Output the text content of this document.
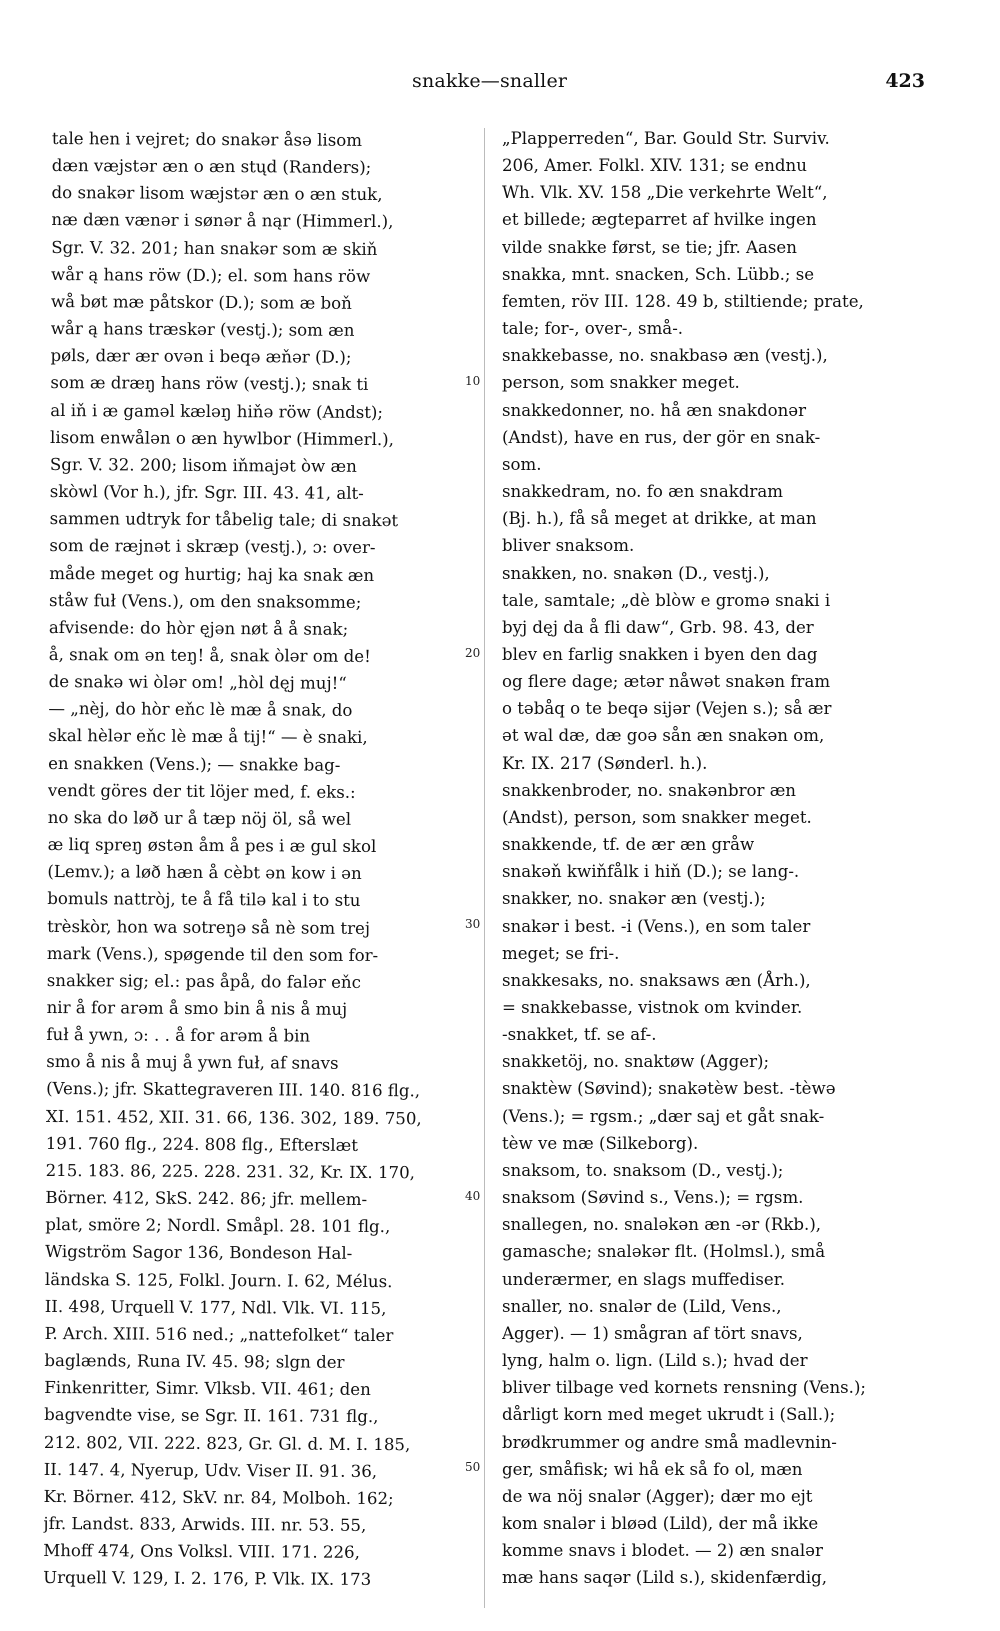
snakke—snaller	423
tale hen i vejret; do snakər åsə lisom
dæn væjstər æn o æn stųd (Randers);
do snakər lisom wæjstər æn o æn stuk,
næ dæn vænər i sønər å nąr (Himmerl.),
Sgr. V. 32. 201; han snakər som æ skiň
wår ą hans röw (D.); el. som hans röw
wå bøt mæ påtskor (D.); som æ boň
wår ą hans træskər (vestj.); som æn
pøls, dær ær ovən i beqə æňər (D.);
som æ dræŋ hans röw (vestj.); snak ti
al iň i æ gaməl kæləŋ hiňə röw (Andst);
lisom enwålən o æn hywlbor (Himmerl.),
Sgr. V. 32. 200; lisom iňmajət òw æn
skòwl (Vor h.), jfr. Sgr. III. 43. 41, alt-
sammen udtryk for tåbelig tale; di snakət
som de ræjnət i skræp (vestj.), ɔ: over-
måde meget og hurtig; haj ka snak æn
ståw fuł (Vens.), om den snaksomme;
afvisende: do hòr ęjən nøt å å snak;
å, snak om ən teŋ! å, snak òlər om de!
de snakə wi òlər om! „hòl dęj muj!“
— „nèj, do hòr eňc lè mæ å snak, do
skal hèlər eňc lè mæ å tij!“ — è snaki,
en snakken (Vens.); — snakke bag-
vendt göres der tit löjer med, f. eks.:
no ska do løð ur å tæp nöj öl, så wel
æ liq spreŋ østən åm å pes i æ gul skol
(Lemv.); a løð hæn å cèbt ən kow i ən
bomuls nattròj, te å få tilə kal i to stu
trèskòr, hon wa sotreŋə så nè som trej
mark (Vens.), spøgende til den som for-
snakker sig; el.: pas åpå, do falər eňc
nir å for arəm å smo bin å nis å muj
fuł å ywn, ɔ: . . å for arəm å bin
smo å nis å muj å ywn fuł, af snavs
(Vens.); jfr. Skattegraveren III. 140. 816 flg.,
XI. 151. 452, XII. 31. 66, 136. 302, 189. 750,
191. 760 flg., 224. 808 flg., Efterslæt
215. 183. 86, 225. 228. 231. 32, Kr. IX. 170,
Börner. 412, SkS. 242. 86; jfr. mellem-
plat, smöre 2; Nordl. Småpl. 28. 101 flg.,
Wigström Sagor 136, Bondeson Hal-
ländska S. 125, Folkl. Journ. I. 62, Mélus.
II. 498, Urquell V. 177, Ndl. Vlk. VI. 115,
P. Arch. XIII. 516 ned.; „nattefolket“ taler
baglænds, Runa IV. 45. 98; slgn der
Finkenritter, Simr. Vlksb. VII. 461; den
bagvendte vise, se Sgr. II. 161. 731 flg.,
212. 802, VII. 222. 823, Gr. Gl. d. M. I. 185,
II. 147. 4, Nyerup, Udv. Viser II. 91. 36,
Kr. Börner. 412, SkV. nr. 84, Molboh. 162;
jfr. Landst. 833, Arwids. III. nr. 53. 55,
Mhoff 474, Ons Volksl. VIII. 171. 226,
Urquell V. 129, I. 2. 176, P. Vlk. IX. 173
„Plapperreden“, Bar. Gould Str. Surviv.
206, Amer. Folkl. XIV. 131; se endnu
Wh. Vlk. XV. 158 „Die verkehrte Welt“,
et billede; ægteparret af hvilke ingen
vilde snakke først, se tie; jfr. Aasen
snakka, mnt. snacken, Sch. Lübb.; se
femten, röv III. 128. 49 b, stiltiende; prate,
tale; for-, over-, små-.
snakkebasse, no. snakbasə æn (vestj.),
person, som snakker meget.
snakkedonner, no. hå æn snakdonər
(Andst), have en rus, der gör en snak-
som.
snakkedram, no. fo æn snakdram
(Bj. h.), få så meget at drikke, at man
bliver snaksom.
snakken, no. snakən (D., vestj.),
tale, samtale; „dè blòw e gromə snaki i
byj dęj da å fli daw“, Grb. 98. 43, der
blev en farlig snakken i byen den dag
og flere dage; ætər nåwət snakən fram
o təbåq o te beqə sijər (Vejen s.); så ær
ət wal dæ, dæ goə sån æn snakən om,
Kr. IX. 217 (Sønderl. h.).
snakkenbroder, no. snakənbror æn
(Andst), person, som snakker meget.
snakkende, tf. de ær æn gråw
snakəň kwiňfålk i hiň (D.); se lang-.
snakker, no. snakər æn (vestj.);
snakər i best. -i (Vens.), en som taler
meget; se fri-.
snakkesaks, no. snaksaws æn (Årh.),
= snakkebasse, vistnok om kvinder.
-snakket, tf. se af-.
snakketöj, no. snaktøw (Agger);
snaktèw (Søvind); snakətèw best. -tèwə
(Vens.); = rgsm.; „dær saj et gåt snak-
tèw ve mæ (Silkeborg).
snaksom, to. snaksom (D., vestj.);
snaksom (Søvind s., Vens.); = rgsm.
snallegen, no. snaləkən æn -ər (Rkb.),
gamasche; snaləkər flt. (Holmsl.), små
underærmer, en slags muffediser.
snaller, no. snalər de (Lild, Vens.,
Agger). — 1) smågran af tört snavs,
lyng, halm o. lign. (Lild s.); hvad der
bliver tilbage ved kornets rensning (Vens.);
dårligt korn med meget ukrudt i (Sall.);
brødkrummer og andre små madlevnin-
ger, småfisk; wi hå ek så fo ol, mæn
de wa nöj snalər (Agger); dær mo ejt
kom snalər i bløəd (Lild), der må ikke
komme snavs i blodet. — 2) æn snalər
mæ hans saqər (Lild s.), skidenfærdig,
10
20
30
40
50
